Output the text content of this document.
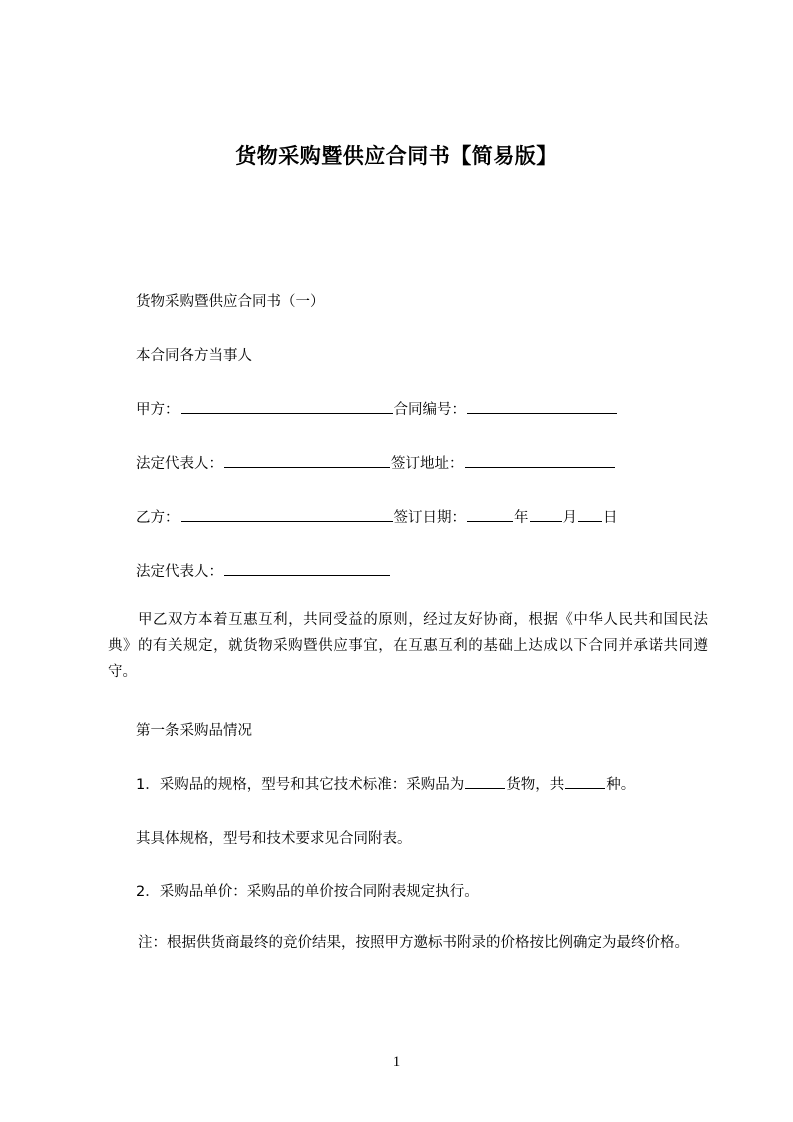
货物采购暨供应合同书【简易版】
货物采购暨供应合同书（一）
本合同各方当事人
甲方：	合同编号：
法定代表人：	签订地址：
乙方：	签订日期：	年 月 日
法定代表人：
甲乙双方本着互惠互利，共同受益的原则，经过友好协商，根据《中华人民共和国民法典》的有关规定，就货物采购暨供应事宜，在互惠互利的基础上达成以下合同并承诺共同遵守。
第一条采购品情况
1．采购品的规格，型号和其它技术标准：采购品为	货物，共	种。
其具体规格，型号和技术要求见合同附表。
2．采购品单价：采购品的单价按合同附表规定执行。
注：根据供货商最终的竞价结果，按照甲方邀标书附录的价格按比例确定为最终价格。
1
